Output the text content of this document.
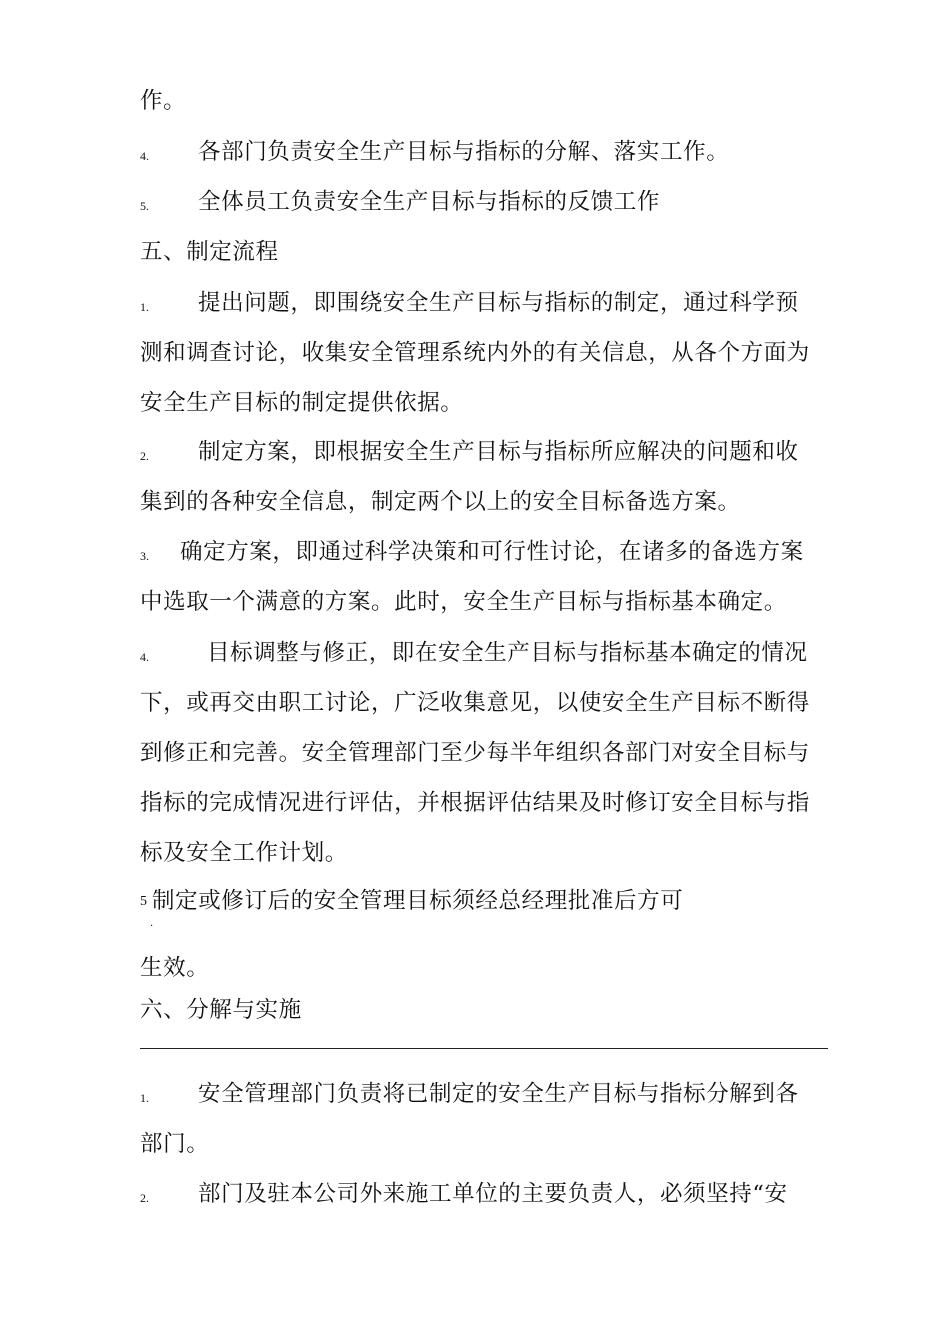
作。
4. 各部门负责安全生产目标与指标的分解、落实工作。
5. 全体员工负责安全生产目标与指标的反馈工作
五、制定流程
1. 提出问题，即围绕安全生产目标与指标的制定，通过科学预
测和调查讨论，收集安全管理系统内外的有关信息，从各个方面为
安全生产目标的制定提供依据。
2. 制定方案，即根据安全生产目标与指标所应解决的问题和收
集到的各种安全信息，制定两个以上的安全目标备选方案。
3. 确定方案，即通过科学决策和可行性讨论，在诸多的备选方案
中选取一个满意的方案。此时，安全生产目标与指标基本确定。
4.	目标调整与修正，即在安全生产目标与指标基本确定的情况
下，或再交由职工讨论，广泛收集意见，以使安全生产目标不断得
到修正和完善。安全管理部门至少每半年组织各部门对安全目标与
指标的完成情况进行评估，并根据评估结果及时修订安全目标与指
标及安全工作计划。
5 制定或修订后的安全管理目标须经总经理批准后方可
·
生效。
六、分解与实施
1. 安全管理部门负责将已制定的安全生产目标与指标分解到各
部门。
2. 部门及驻本公司外来施工单位的主要负责人，必须坚持“安
